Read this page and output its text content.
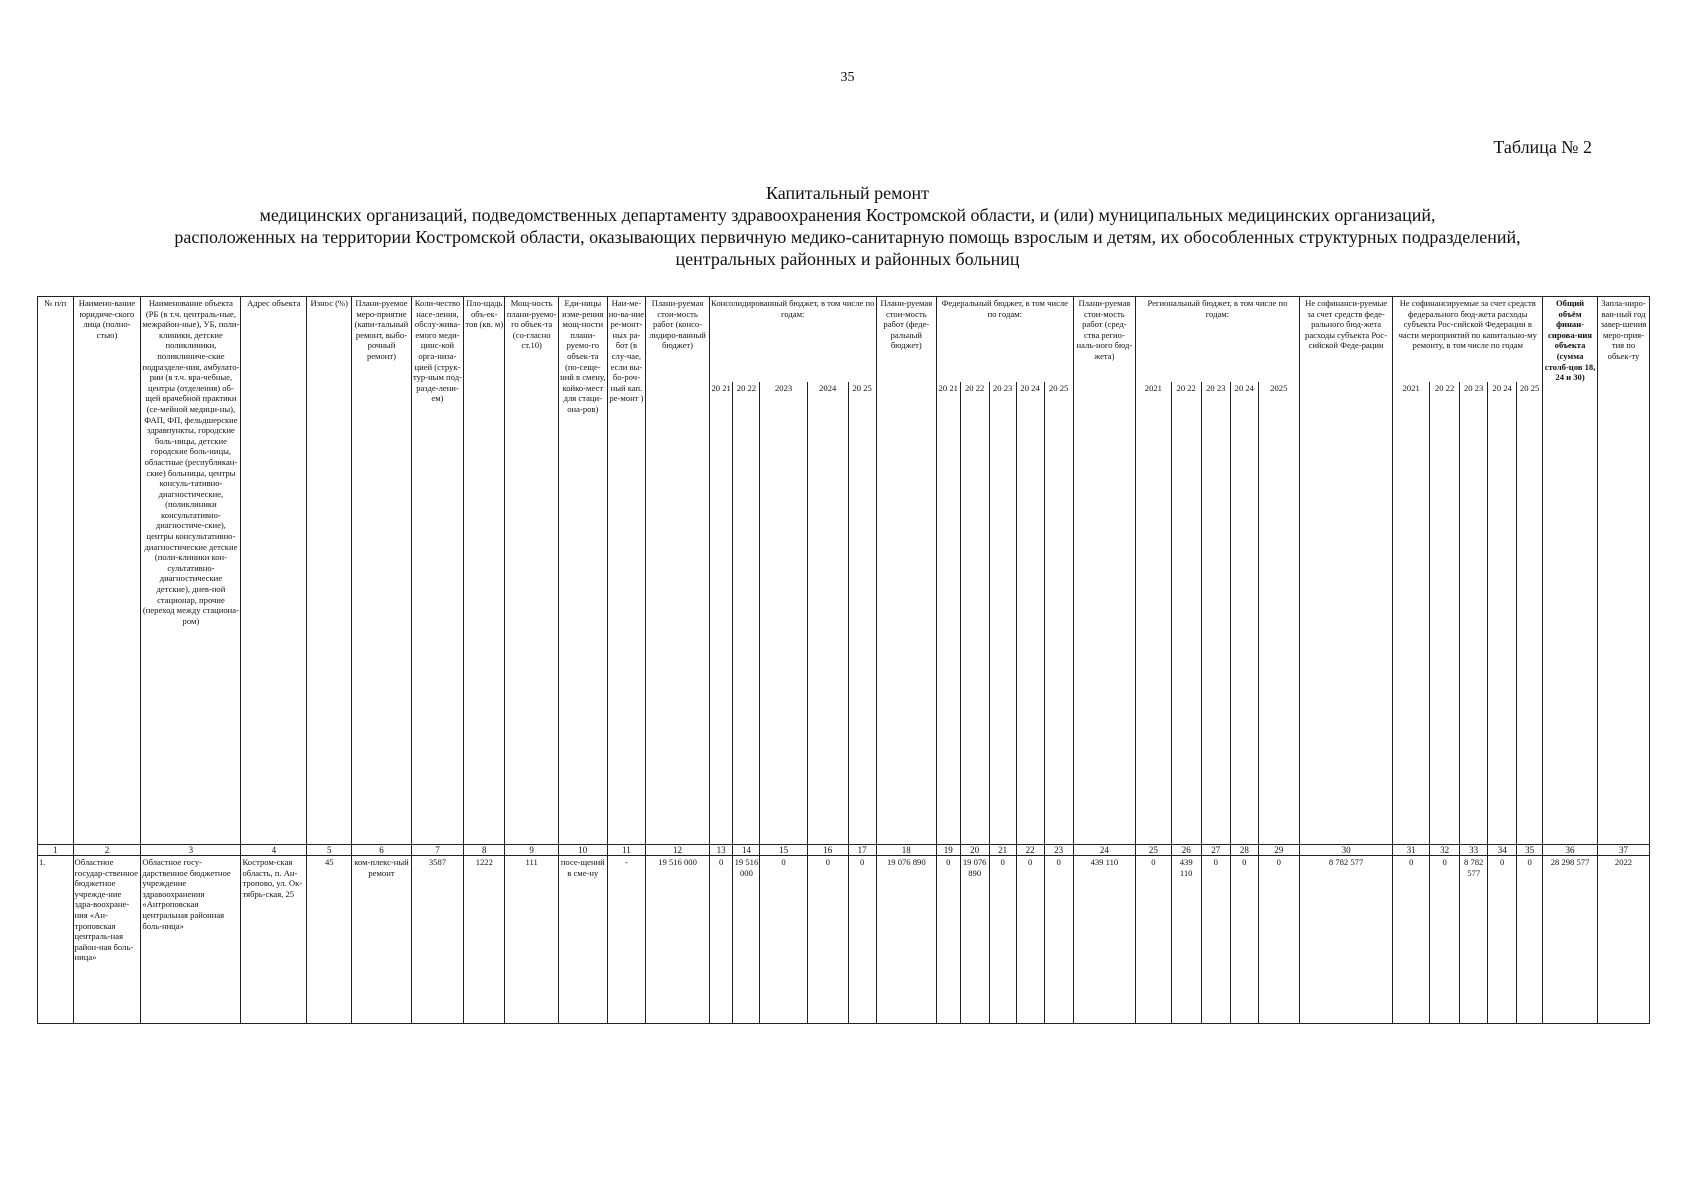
35
Таблица № 2
Капитальный ремонт
медицинских организаций, подведомственных департаменту здравоохранения Костромской области, и (или) муниципальных медицинских организаций,
расположенных на территории Костромской области, оказывающих первичную медико-санитарную помощь взрослым и детям, их обособленных структурных подразделений,
центральных районных и районных больниц
№ п/п	Наимено-вание юридиче-ского лица (полно-стью)	Наименование объекта (РБ (в т.ч. централь-ные, межрайон-ные), УБ, поли-клиники, детские поликлиники, поликлиниче-ские подразделе-ния, амбулато-рии (в т.ч. вра-чебные, центры (отделения) об-щей врачебной практики (се-мейной медици-ны), ФАП, ФП, фельдшерские здравпункты, городские боль-ницы, детские городские боль-ницы, областные (республикан-ские) больницы, центры консуль-тативно-диагностические, (поликлиники консультативно-диагностиче-ские), центры консультативно-диагностические детские (поли-клиники кон-сультативно-диагностические детские), днев-ной стационар, прочие (переход между стациона-ром)	Адрес объекта	Износ (%)	Плани-руемое меро-приятие (капи-тальный ремонт, выбо-рочный ремонт)	Коли-чество насе-ления, обслу-жива-емого меди-цинс-кой орга-низа-цией (струк-тур-ным под-разде-лени-ем)	Пло-щадь объ-ек-тов (кв. м)	Мощ-ность плани-руемо-го объек-та (со-гласно ст.10)	Еди-ницы изме-рения мощ-ности плани-руемо-го объек-та (по-сеще-ний в смену, койко-мест для стаци-она-ров)	Наи-ме-но-ва-ние ре-монт-ных ра-бот (в слу-чае, если вы-бо-роч-ный кап. ре-монт )	Плани-руемая стои-мость работ (консо-лидиро-ванный бюджет)	Консолидированный бюджет, в том числе по годам:					Плани-руемая стои-мость работ (феде-ральный бюджет)	Федеральный бюджет, в том числе по годам:					Плани-руемая стои-мость работ (сред-ства регио-наль-ного бюд-жета)	Региональный бюджет, в том числе по годам:					Не софинанси-руемые за счет средств феде-рального бюд-жета расходы субъекта Рос-сийской Феде-рации	Не софинансируемые за счет средств федерального бюд-жета расходы субъекта Рос-сийской Федерации в части мероприятий по капитально-му ремонту, в том числе по годам					Общий объём финан-сирова-ния объекта (сумма столб-цов 18, 24 и 30)	Запла-ниро-ван-ный год завер-шения меро-прия-тия по объек-ту
												20 21	20 22	2023	2024	20 25		20 21	20 22	20 23	20 24	20 25		2021	20 22	20 23	20 24	2025		2021	20 22	20 23	20 24	20 25		
1	2	3	4	5	6	7	8	9	10	11	12	13	14	15	16	17	18	19	20	21	22	23	24	25	26	27	28	29	30	31	32	33	34	35	36	37
1.	Областное государ-ственное бюджетное учрежде-ние здра-воохране-ния «Ан-троповская централь-ная район-ная боль-ница»	Областное госу-дарственное бюджетное учреждение здравоохранения «Антроповская центральная районная боль-ница»	Костром-ская область, п. Ан-тропово, ул. Ок-тябрь-ская, 25	45	ком-плекс-ный ремонт	3587	1222	111	посе-щений в сме-ну	-	19 516 000	0	19 516 000	0	0	0	19 076 890	0	19 076 890	0	0	0	439 110	0	439 110	0	0	0	8 782 577	0	0	8 782 577	0	0	28 298 577	2022
